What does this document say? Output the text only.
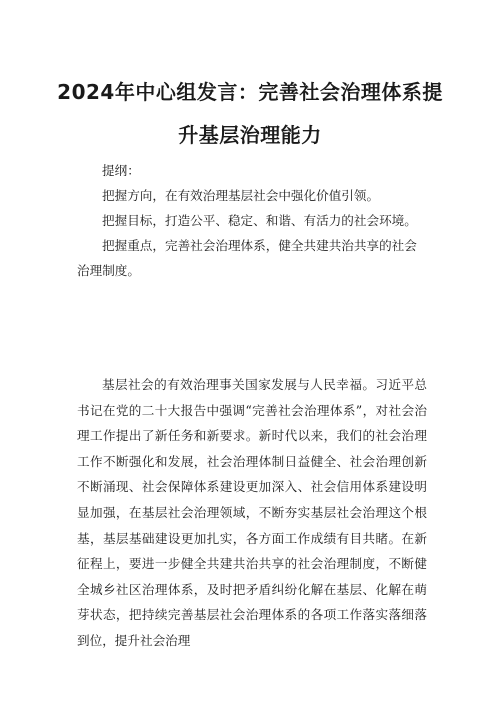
2024年中心组发言：完善社会治理体系提
升基层治理能力

提纲：

把握方向，在有效治理基层社会中强化价值引领。

把握目标，打造公平、稳定、和谐、有活力的社会环境。

把握重点，完善社会治理体系，健全共建共治共享的社会治理制度。

基层社会的有效治理事关国家发展与人民幸福。习近平总书记在党的二十大报告中强调“完善社会治理体系”，对社会治理工作提出了新任务和新要求。新时代以来，我们的社会治理工作不断强化和发展，社会治理体制日益健全、社会治理创新不断涌现、社会保障体系建设更加深入、社会信用体系建设明显加强，在基层社会治理领域，不断夯实基层社会治理这个根基，基层基础建设更加扎实，各方面工作成绩有目共睹。在新征程上，要进一步健全共建共治共享的社会治理制度，不断健全城乡社区治理体系，及时把矛盾纠纷化解在基层、化解在萌芽状态，把持续完善基层社会治理体系的各项工作落实落细落到位，提升社会治理
